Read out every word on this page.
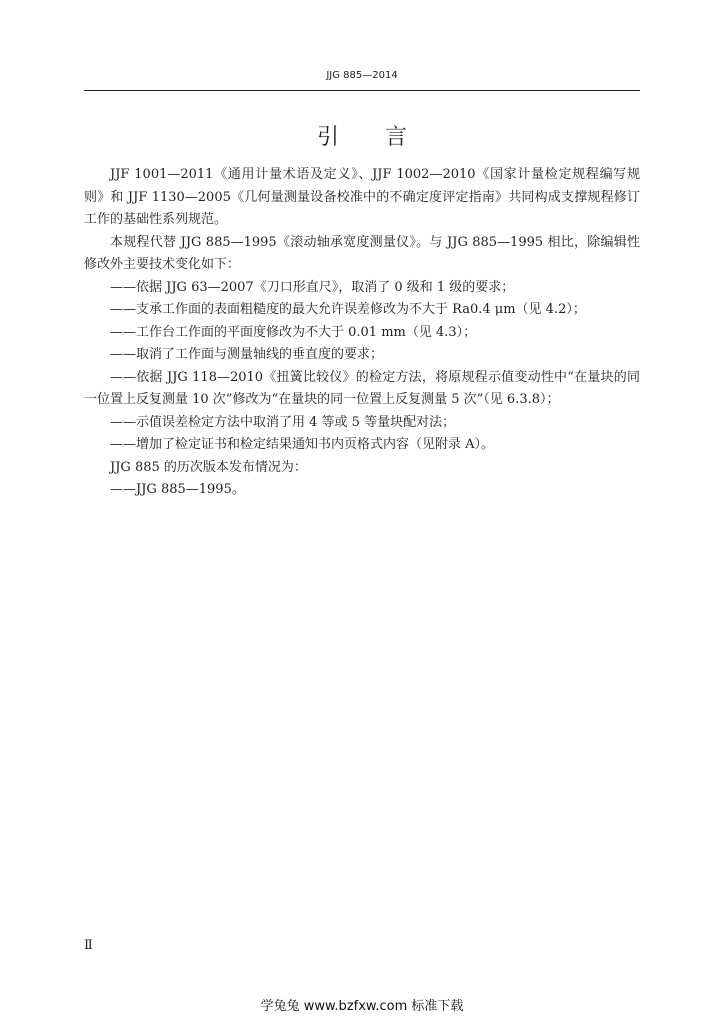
JJG 885—2014
引言

JJF 1001—2011《通用计量术语及定义》、JJF 1002—2010《国家计量检定规程编写规则》和 JJF 1130—2005《几何量测量设备校准中的不确定度评定指南》共同构成支撑规程修订工作的基础性系列规范。

本规程代替 JJG 885—1995《滚动轴承宽度测量仪》。与 JJG 885—1995 相比，除编辑性修改外主要技术变化如下：

——依据 JJG 63—2007《刀口形直尺》，取消了 0 级和 1 级的要求；

——支承工作面的表面粗糙度的最大允许误差修改为不大于 Ra0.4 μm（见 4.2）；

——工作台工作面的平面度修改为不大于 0.01 mm（见 4.3）；

——取消了工作面与测量轴线的垂直度的要求；

——依据 JJG 118—2010《扭簧比较仪》的检定方法，将原规程示值变动性中“在量块的同一位置上反复测量 10 次”修改为“在量块的同一位置上反复测量 5 次”（见 6.3.8）；

——示值误差检定方法中取消了用 4 等或 5 等量块配对法；

——增加了检定证书和检定结果通知书内页格式内容（见附录 A）。

JJG 885 的历次版本发布情况为：

——JJG 885—1995。

Ⅱ
学兔兔 www.bzfxw.com 标准下载
